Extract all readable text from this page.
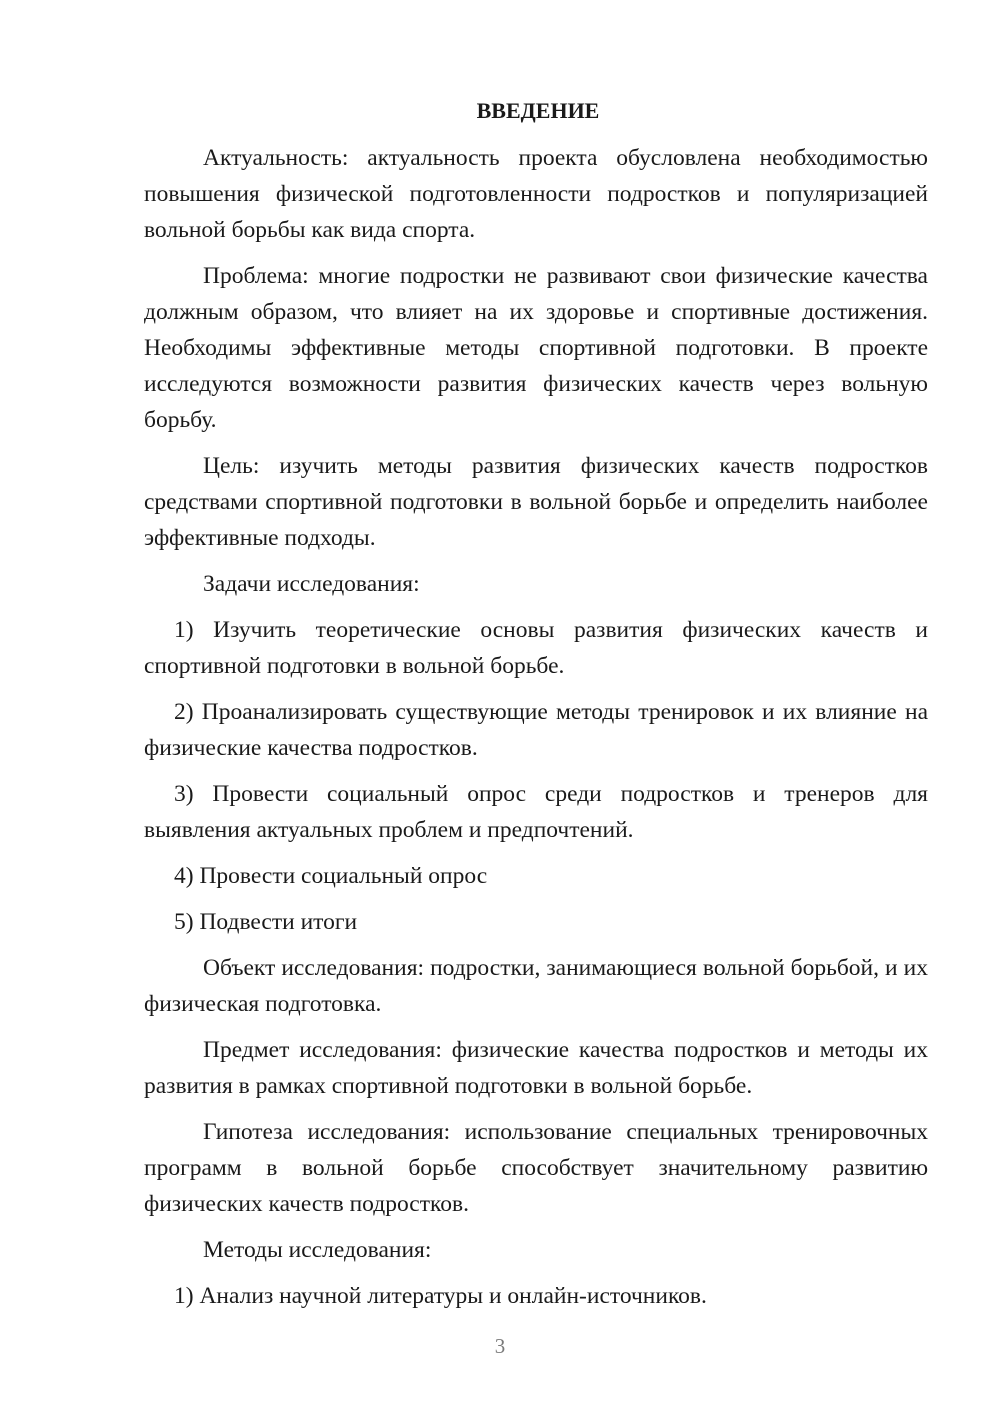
ВВЕДЕНИЕ

Актуальность: актуальность проекта обусловлена необходимостью повышения физической подготовленности подростков и популяризацией вольной борьбы как вида спорта.

Проблема: многие подростки не развивают свои физические качества должным образом, что влияет на их здоровье и спортивные достижения. Необходимы эффективные методы спортивной подготовки. В проекте исследуются возможности развития физических качеств через вольную борьбу.

Цель: изучить методы развития физических качеств подростков средствами спортивной подготовки в вольной борьбе и определить наиболее эффективные подходы.

Задачи исследования:

1) Изучить теоретические основы развития физических качеств и спортивной подготовки в вольной борьбе.

2) Проанализировать существующие методы тренировок и их влияние на физические качества подростков.

3) Провести социальный опрос среди подростков и тренеров для выявления актуальных проблем и предпочтений.

4) Провести социальный опрос

5) Подвести итоги

Объект исследования: подростки, занимающиеся вольной борьбой, и их физическая подготовка.

Предмет исследования: физические качества подростков и методы их развития в рамках спортивной подготовки в вольной борьбе.

Гипотеза исследования: использование специальных тренировочных программ в вольной борьбе способствует значительному развитию физических качеств подростков.

Методы исследования:

1) Анализ научной литературы и онлайн-источников.

3
